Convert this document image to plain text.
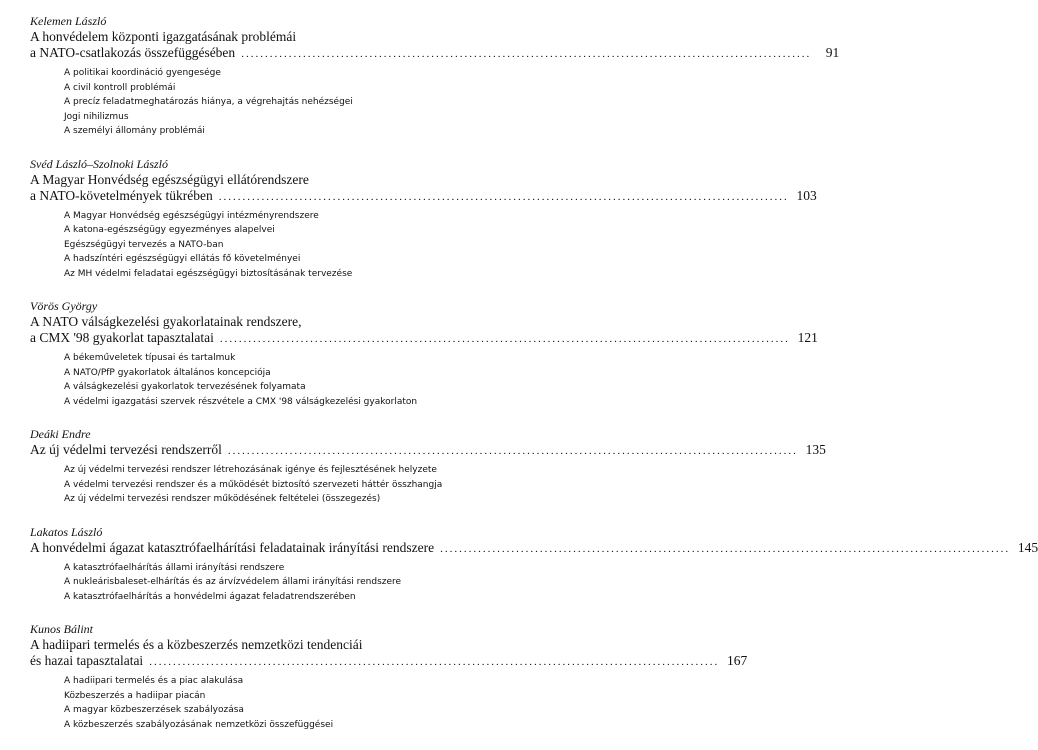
Kelemen László
A honvédelem központi igazgatásának problémái
a NATO-csatlakozás összefüggésében ........................................................................................................................	91
A politikai koordináció gyengesége
A civil kontroll problémái
A precíz feladatmeghatározás hiánya, a végrehajtás nehézségei
Jogi nihilizmus
A személyi állomány problémái
Svéd László–Szolnoki László
A Magyar Honvédség egészségügyi ellátórendszere
a NATO-követelmények tükrében ........................................................................................................................ 103
A Magyar Honvédség egészségügyi intézményrendszere
A katona-egészségügy egyezményes alapelvei
Egészségügyi tervezés a NATO-ban
A hadszíntéri egészségügyi ellátás fő követelményei
Az MH védelmi feladatai egészségügyi biztosításának tervezése
Vörös György
A NATO válságkezelési gyakorlatainak rendszere,
a CMX '98 gyakorlat tapasztalatai ........................................................................................................................ 121
A békeműveletek típusai és tartalmuk
A NATO/PfP gyakorlatok általános koncepciója
A válságkezelési gyakorlatok tervezésének folyamata
A védelmi igazgatási szervek részvétele a CMX '98 válságkezelési gyakorlaton
Deáki Endre
Az új védelmi tervezési rendszerről ........................................................................................................................ 135
Az új védelmi tervezési rendszer létrehozásának igénye és fejlesztésének helyzete
A védelmi tervezési rendszer és a működését biztosító szervezeti háttér összhangja
Az új védelmi tervezési rendszer működésének feltételei (összegezés)
Lakatos László
A honvédelmi ágazat katasztrófaelhárítási feladatainak irányítási rendszere ........................................................................................................................ 145
A katasztrófaelhárítás állami irányítási rendszere
A nukleárisbaleset-elhárítás és az árvízvédelem állami irányítási rendszere
A katasztrófaelhárítás a honvédelmi ágazat feladatrendszerében
Kunos Bálint
A hadiipari termelés és a közbeszerzés nemzetközi tendenciái
és hazai tapasztalatai ........................................................................................................................ 167
A hadiipari termelés és a piac alakulása
Közbeszerzés a hadiipar piacán
A magyar közbeszerzések szabályozása
A közbeszerzés szabályozásának nemzetközi összefüggései
